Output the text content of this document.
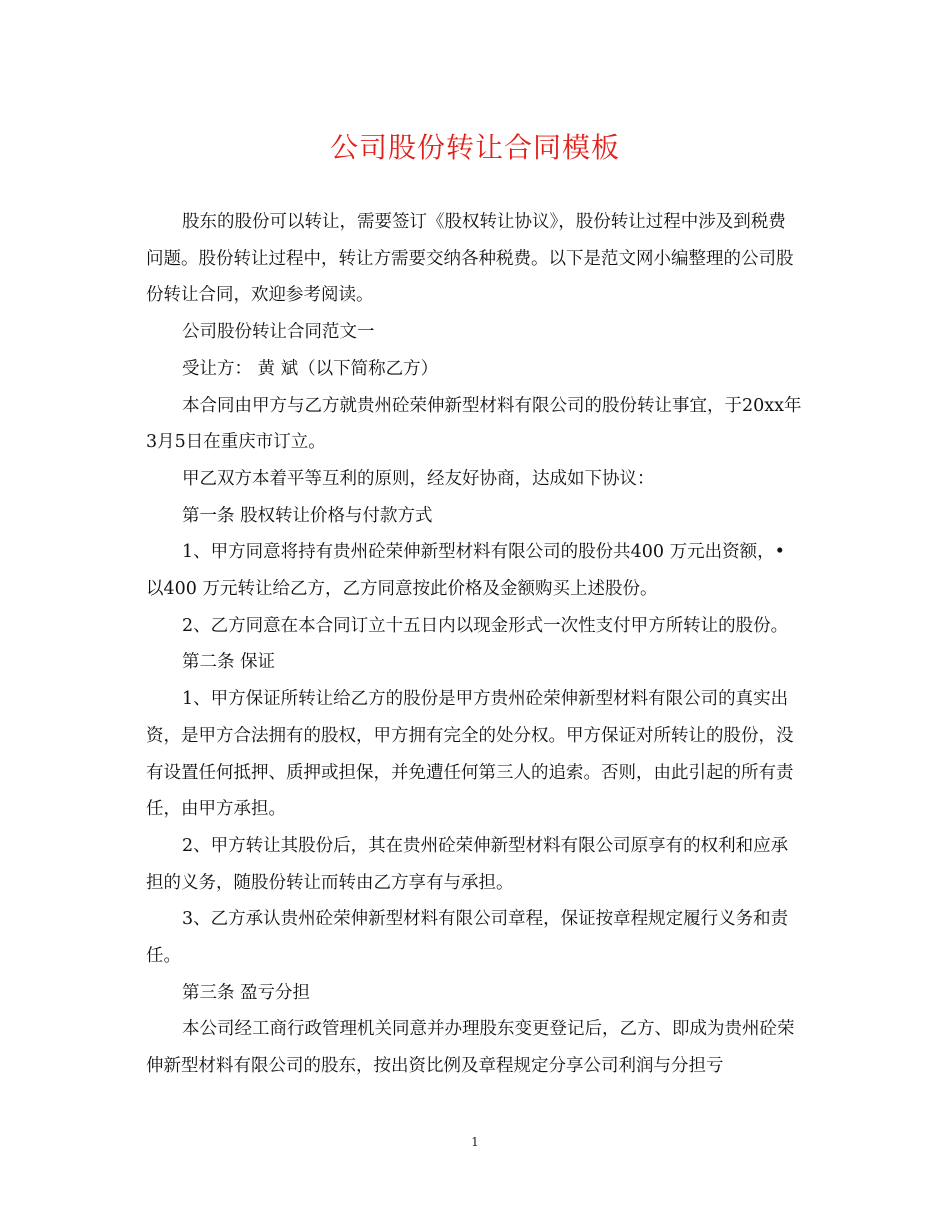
公司股份转让合同模板

股东的股份可以转让，需要签订《股权转让协议》，股份转让过程中涉及到税费问题。股份转让过程中，转让方需要交纳各种税费。以下是范文网小编整理的公司股份转让合同，欢迎参考阅读。

公司股份转让合同范文一

受让方： 黄 斌（以下简称乙方）

本合同由甲方与乙方就贵州砼荣伸新型材料有限公司的股份转让事宜，于20xx年3月5日在重庆市订立。

甲乙双方本着平等互利的原则，经友好协商，达成如下协议：

第一条 股权转让价格与付款方式

1、甲方同意将持有贵州砼荣伸新型材料有限公司的股份共400 万元出资额，•以400 万元转让给乙方，乙方同意按此价格及金额购买上述股份。

2、乙方同意在本合同订立十五日内以现金形式一次性支付甲方所转让的股份。

第二条 保证

1、甲方保证所转让给乙方的股份是甲方贵州砼荣伸新型材料有限公司的真实出资，是甲方合法拥有的股权，甲方拥有完全的处分权。甲方保证对所转让的股份，没有设置任何抵押、质押或担保，并免遭任何第三人的追索。否则，由此引起的所有责任，由甲方承担。

2、甲方转让其股份后，其在贵州砼荣伸新型材料有限公司原享有的权利和应承担的义务，随股份转让而转由乙方享有与承担。

3、乙方承认贵州砼荣伸新型材料有限公司章程，保证按章程规定履行义务和责任。

第三条 盈亏分担

本公司经工商行政管理机关同意并办理股东变更登记后，乙方、即成为贵州砼荣伸新型材料有限公司的股东，按出资比例及章程规定分享公司利润与分担亏

1
